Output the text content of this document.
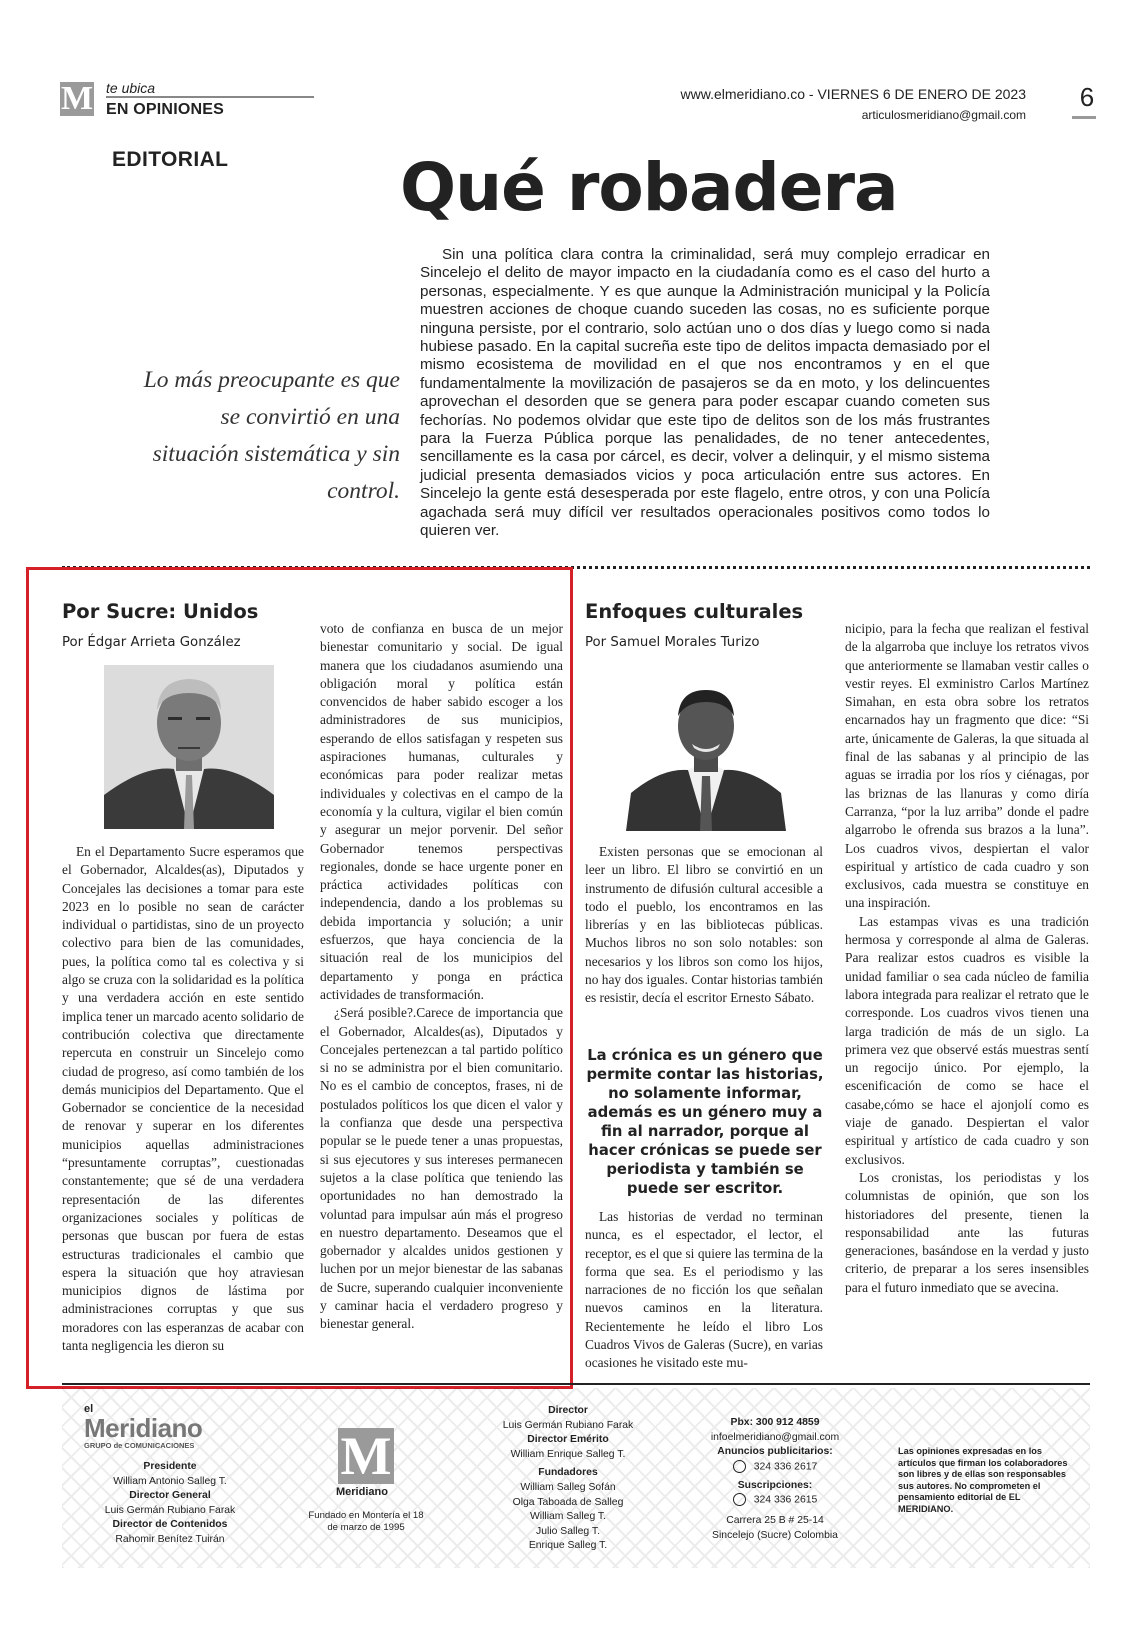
M te ubica
EN OPINIONES
www.elmeridiano.co - VIERNES 6 DE ENERO DE 2023
articulosmeridiano@gmail.com
6
EDITORIAL	Qué robadera
Sin una política clara contra la criminalidad, será muy complejo erradicar en Sincelejo el delito de mayor impacto en la ciudadanía como es el caso del hurto a personas, especialmente. Y es que aunque la Administración municipal y la Policía muestren acciones de choque cuando suceden las cosas, no es suficiente porque ninguna persiste, por el contrario, solo actúan uno o dos días y luego como si nada hubiese pasado. En la capital sucreña este tipo de delitos impacta demasiado por el mismo ecosistema de movilidad en el que nos encontramos y en el que fundamentalmente la movilización de pasajeros se da en moto, y los delincuentes aprovechan el desorden que se genera para poder escapar cuando cometen sus fechorías. No podemos olvidar que este tipo de delitos son de los más frustrantes para la Fuerza Pública porque las penalidades, de no tener antecedentes, sencillamente es la casa por cárcel, es decir, volver a delinquir, y el mismo sistema judicial presenta demasiados vicios y poca articulación entre sus actores. En Sincelejo la gente está desesperada por este flagelo, entre otros, y con una Policía agachada será muy difícil ver resultados operacionales positivos como todos lo quieren ver.
Lo más preocupante es que se convirtió en una situación sistemática y sin control.
Por Sucre: Unidos
Por Édgar Arrieta González

En el Departamento Sucre esperamos que el Gobernador, Alcaldes(as), Diputados y Concejales las decisiones a tomar para este 2023 en lo posible no sean de carácter individual o partidistas, sino de un proyecto colectivo para bien de las comunidades, pues, la política como tal es colectiva y si algo se cruza con la solidaridad es la política y una verdadera acción en este sentido implica tener un marcado acento solidario de contribución colectiva que directamente repercuta en construir un Sincelejo como ciudad de progreso, así como también de los demás municipios del Departamento. Que el Gobernador se concientice de la necesidad de renovar y superar en los diferentes municipios aquellas administraciones “presuntamente corruptas”, cuestionadas constantemente; que sé de una verdadera representación de las diferentes organizaciones sociales y políticas de personas que buscan por fuera de estas estructuras tradicionales el cambio que espera la situación que hoy atraviesan municipios dignos de lástima por administraciones corruptas y que sus moradores con las esperanzas de acabar con tanta negligencia les dieron su

voto de confianza en busca de un mejor bienestar comunitario y social. De igual manera que los ciudadanos asumiendo una obligación moral y política están convencidos de haber sabido escoger a los administradores de sus municipios, esperando de ellos satisfagan y respeten sus aspiraciones humanas, culturales y económicas para poder realizar metas individuales y colectivas en el campo de la economía y la cultura, vigilar el bien común y asegurar un mejor porvenir. Del señor Gobernador tenemos perspectivas regionales, donde se hace urgente poner en práctica actividades políticas con independencia, dando a los problemas su debida importancia y solución; a unir esfuerzos, que haya conciencia de la situación real de los municipios del departamento y ponga en práctica actividades de transformación.

¿Será posible?.Carece de importancia que el Gobernador, Alcaldes(as), Diputados y Concejales pertenezcan a tal partido político si no se administra por el bien comunitario. No es el cambio de conceptos, frases, ni de postulados políticos los que dicen el valor y la confianza que desde una perspectiva popular se le puede tener a unas propuestas, si sus ejecutores y sus intereses permanecen sujetos a la clase política que teniendo las oportunidades no han demostrado la voluntad para impulsar aún más el progreso en nuestro departamento. Deseamos que el gobernador y alcaldes unidos gestionen y luchen por un mejor bienestar de las sabanas de Sucre, superando cualquier inconveniente y caminar hacia el verdadero progreso y bienestar general.

Enfoques culturales
Por Samuel Morales Turizo

Existen personas que se emocionan al leer un libro. El libro se convirtió en un instrumento de difusión cultural accesible a todo el pueblo, los encontramos en las librerías y en las bibliotecas públicas. Muchos libros no son solo notables: son necesarios y los libros son como los hijos, no hay dos iguales. Contar historias también es resistir, decía el escritor Ernesto Sábato.

La crónica es un género que permite contar las historias, no solamente informar, además es un género muy a fin al narrador, porque al hacer crónicas se puede ser periodista y también se puede ser escritor.

Las historias de verdad no terminan nunca, es el espectador, el lector, el receptor, es el que si quiere las termina de la forma que sea. Es el periodismo y las narraciones de no ficción los que señalan nuevos caminos en la literatura. Recientemente he leído el libro Los Cuadros Vivos de Galeras (Sucre), en varias ocasiones he visitado este mu-

nicipio, para la fecha que realizan el festival de la algarroba que incluye los retratos vivos que anteriormente se llamaban vestir calles o vestir reyes. El exministro Carlos Martínez Simahan, en esta obra sobre los retratos encarnados hay un fragmento que dice: “Si arte, únicamente de Galeras, la que situada al final de las sabanas y al principio de las aguas se irradia por los ríos y ciénagas, por las briznas de las llanuras y como diría Carranza, “por la luz arriba” donde el padre algarrobo le ofrenda sus brazos a la luna”. Los cuadros vivos, despiertan el valor espiritual y artístico de cada cuadro y son exclusivos, cada muestra se constituye en una inspiración.

Las estampas vivas es una tradición hermosa y corresponde al alma de Galeras. Para realizar estos cuadros es visible la unidad familiar o sea cada núcleo de familia labora integrada para realizar el retrato que le corresponde. Los cuadros vivos tienen una larga tradición de más de un siglo. La primera vez que observé estás muestras sentí un regocijo único. Por ejemplo, la escenificación de como se hace el casabe,cómo se hace el ajonjolí como es viaje de ganado. Despiertan el valor espiritual y artístico de cada cuadro y son exclusivos.

Los cronistas, los periodistas y los columnistas de opinión, que son los historiadores del presente, tienen la responsabilidad ante las futuras generaciones, basándose en la verdad y justo criterio, de preparar a los seres insensibles para el futuro inmediato que se avecina.

el
Meridiano
GRUPO de COMUNICACIONES
Presidente
William Antonio Salleg T.
Director General
Luis Germán Rubiano Farak
Director de Contenidos
Rahomir Benítez Tuirán
M
Meridiano
Fundado en Montería el 18 de marzo de 1995
Director
Luis Germán Rubiano Farak
Director Emérito
William Enrique Salleg T.
Fundadores
William Salleg Sofán
Olga Taboada de Salleg
William Salleg T.
Julio Salleg T.
Enrique Salleg T.
Pbx: 300 912 4859
infoelmeridiano@gmail.com
Anuncios publicitarios:
324 336 2617
Suscripciones:
324 336 2615
Carrera 25 B # 25-14
Sincelejo (Sucre) Colombia
Las opiniones expresadas en los artículos que firman los colaboradores son libres y de ellas son responsables sus autores. No comprometen el pensamiento editorial de EL MERIDIANO.
